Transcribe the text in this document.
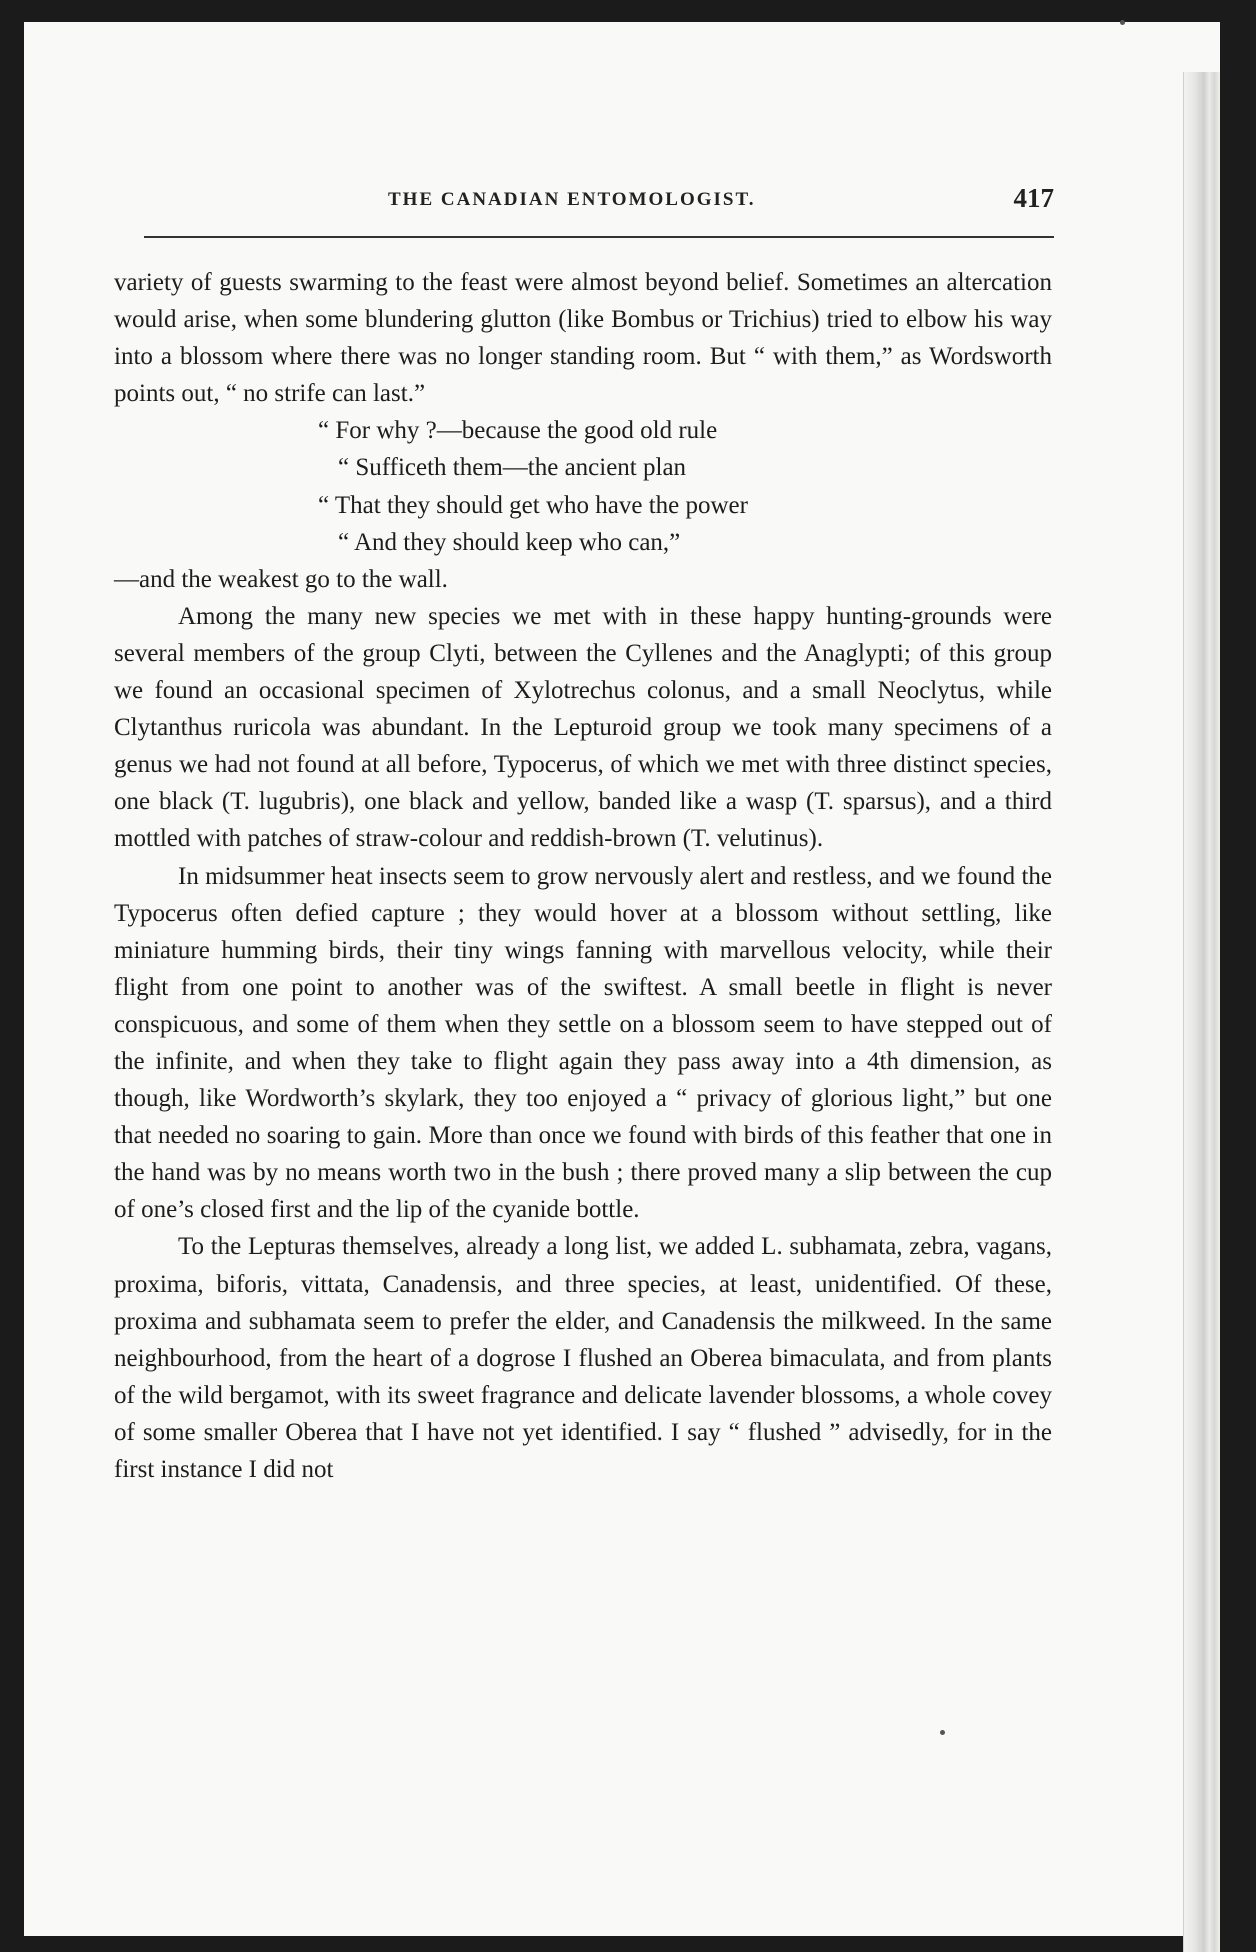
THE CANADIAN ENTOMOLOGIST.	417

variety of guests swarming to the feast were almost beyond belief. Sometimes an altercation would arise, when some blundering glutton (like Bombus or Trichius) tried to elbow his way into a blossom where there was no longer standing room. But “ with them,” as Wordsworth points out, “ no strife can last.”

“ For why ?—because the good old rule

“ Sufficeth them—the ancient plan

“ That they should get who have the power

“ And they should keep who can,”

—and the weakest go to the wall.

Among the many new species we met with in these happy hunting-grounds were several members of the group Clyti, between the Cyllenes and the Anaglypti; of this group we found an occasional specimen of Xylotrechus colonus, and a small Neoclytus, while Clytanthus ruricola was abundant. In the Lepturoid group we took many specimens of a genus we had not found at all before, Typocerus, of which we met with three distinct species, one black (T. lugubris), one black and yellow, banded like a wasp (T. sparsus), and a third mottled with patches of straw-colour and reddish-brown (T. velutinus).

In midsummer heat insects seem to grow nervously alert and restless, and we found the Typocerus often defied capture ; they would hover at a blossom without settling, like miniature humming birds, their tiny wings fanning with marvellous velocity, while their flight from one point to another was of the swiftest. A small beetle in flight is never conspicuous, and some of them when they settle on a blossom seem to have stepped out of the infinite, and when they take to flight again they pass away into a 4th dimension, as though, like Wordworth’s skylark, they too enjoyed a “ privacy of glorious light,” but one that needed no soaring to gain. More than once we found with birds of this feather that one in the hand was by no means worth two in the bush ; there proved many a slip between the cup of one’s closed first and the lip of the cyanide bottle.

To the Lepturas themselves, already a long list, we added L. subhamata, zebra, vagans, proxima, biforis, vittata, Canadensis, and three species, at least, unidentified. Of these, proxima and subhamata seem to prefer the elder, and Canadensis the milkweed. In the same neighbourhood, from the heart of a dogrose I flushed an Oberea bimaculata, and from plants of the wild bergamot, with its sweet fragrance and delicate lavender blossoms, a whole covey of some smaller Oberea that I have not yet identified. I say “ flushed ” advisedly, for in the first instance I did not
